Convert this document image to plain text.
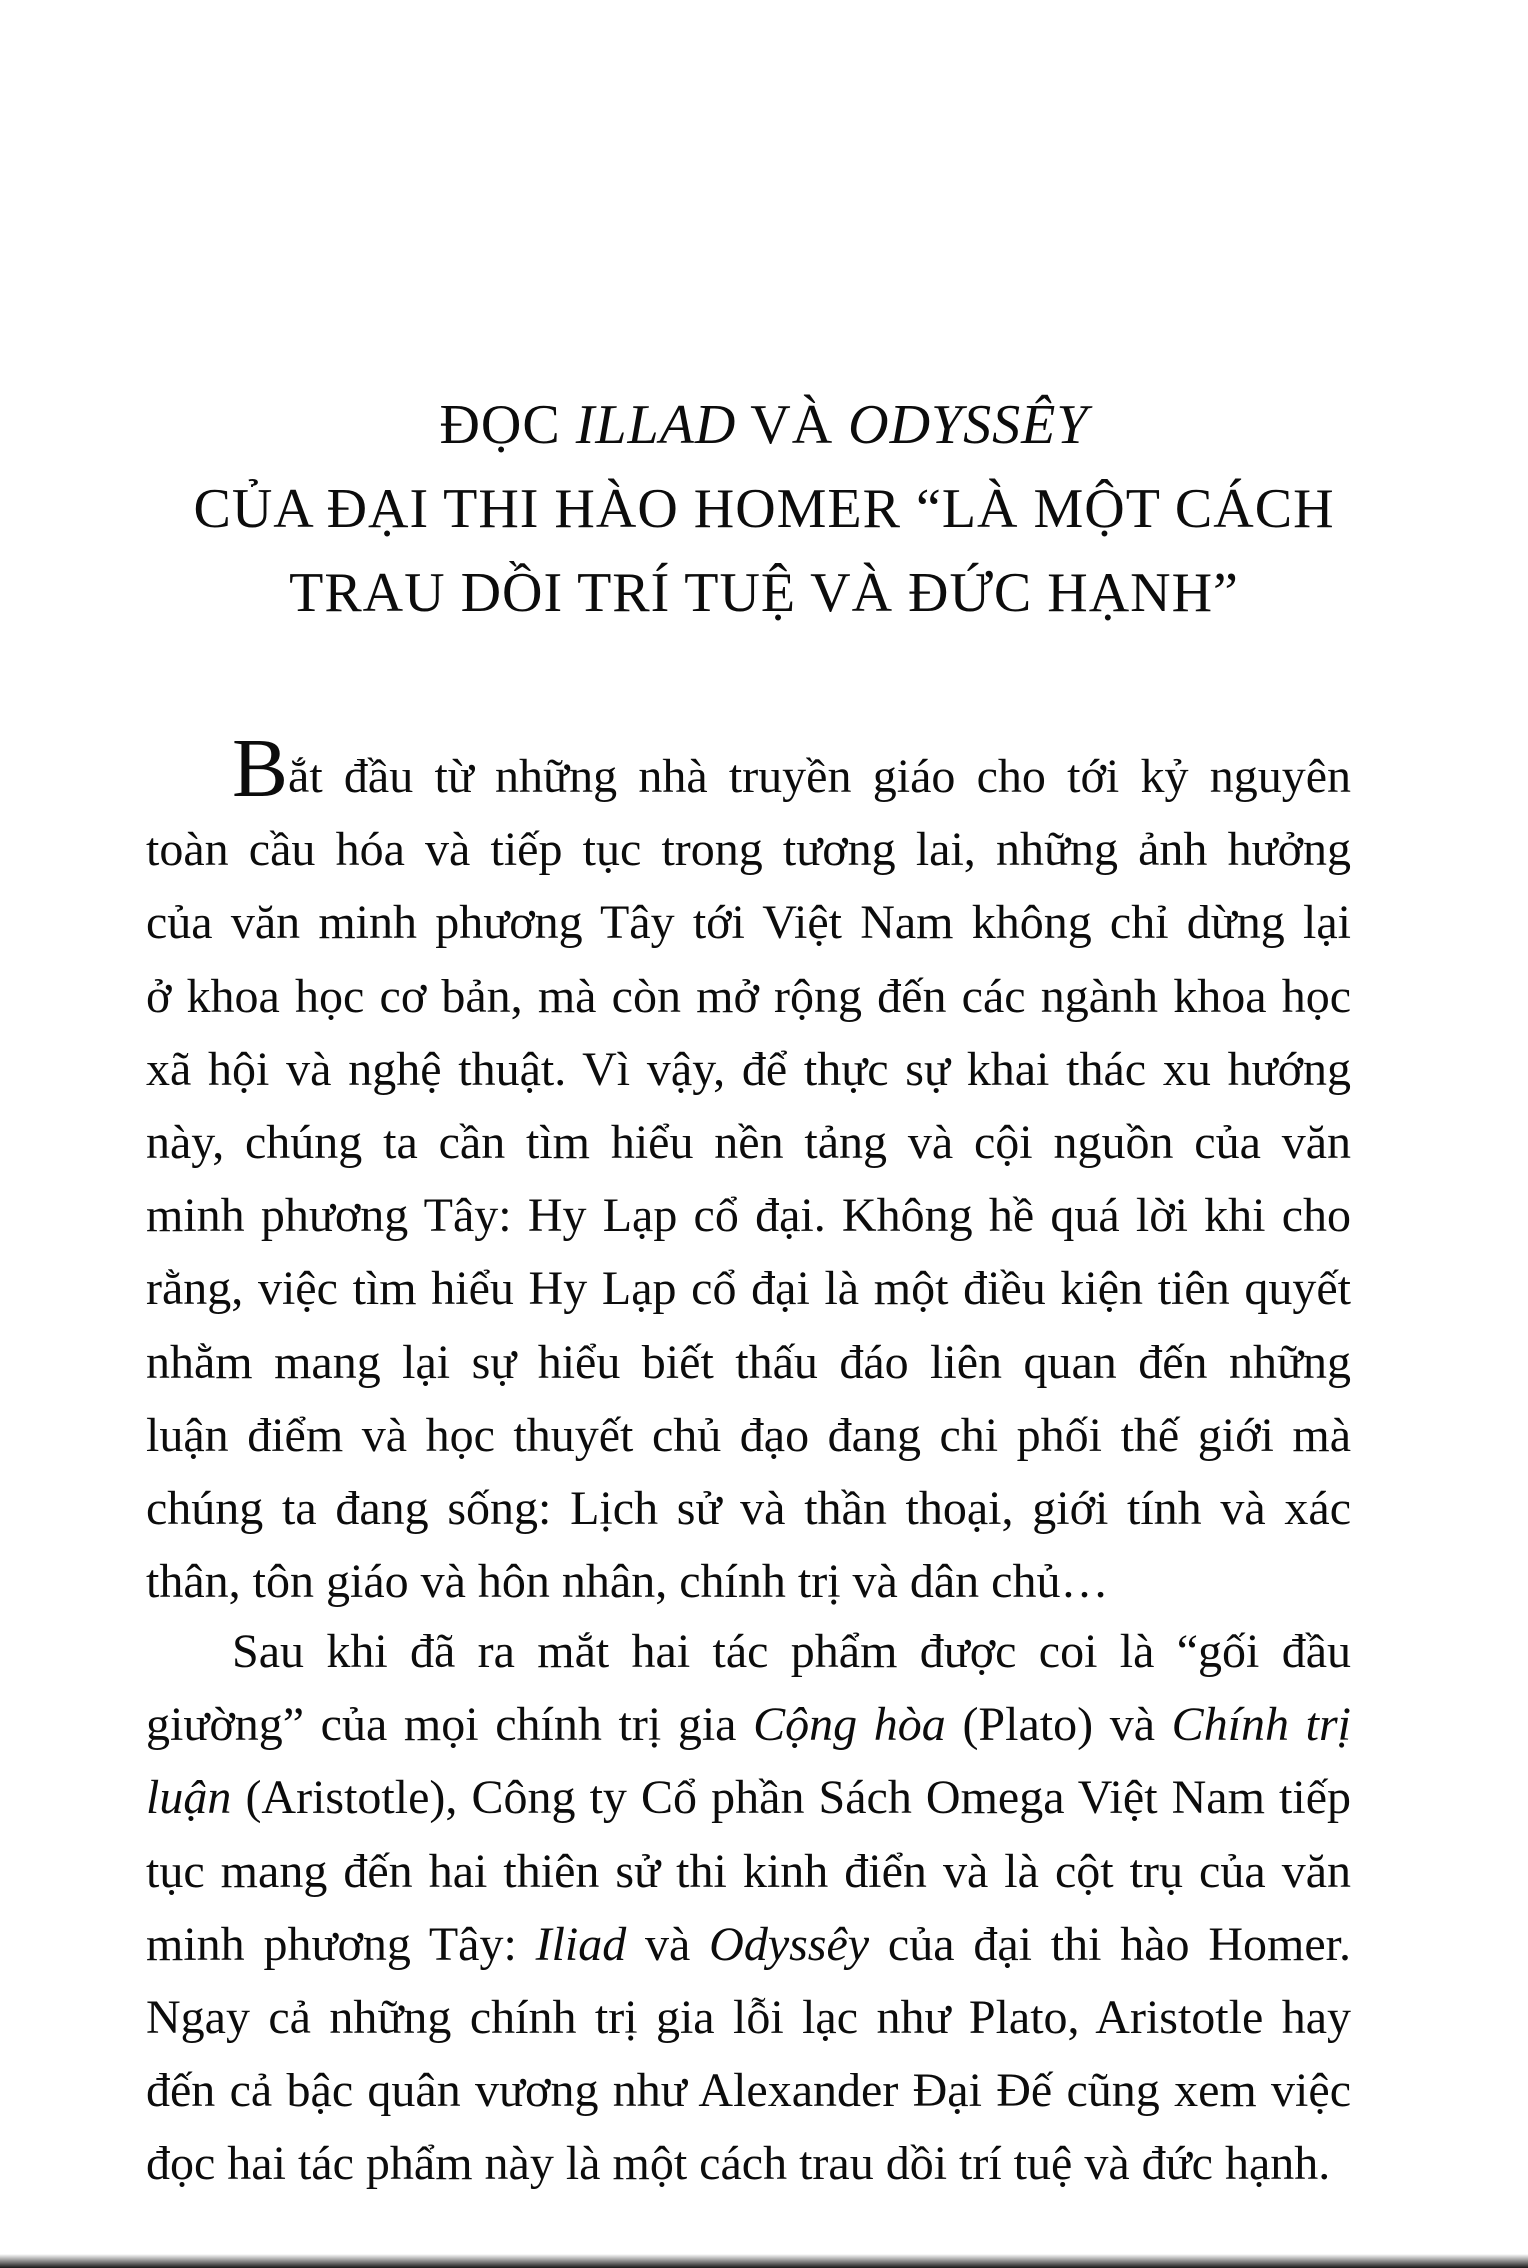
ĐỌC ILLAD VÀ ODYSSÊY
CỦA ĐẠI THI HÀO HOMER “LÀ MỘT CÁCH
TRAU DỒI TRÍ TUỆ VÀ ĐỨC HẠNH”

Bắt đầu từ những nhà truyền giáo cho tới kỷ nguyên
toàn cầu hóa và tiếp tục trong tương lai, những ảnh hưởng
của văn minh phương Tây tới Việt Nam không chỉ dừng lại
ở khoa học cơ bản, mà còn mở rộng đến các ngành khoa học
xã hội và nghệ thuật. Vì vậy, để thực sự khai thác xu hướng
này, chúng ta cần tìm hiểu nền tảng và cội nguồn của văn
minh phương Tây: Hy Lạp cổ đại. Không hề quá lời khi cho
rằng, việc tìm hiểu Hy Lạp cổ đại là một điều kiện tiên quyết
nhằm mang lại sự hiểu biết thấu đáo liên quan đến những
luận điểm và học thuyết chủ đạo đang chi phối thế giới mà
chúng ta đang sống: Lịch sử và thần thoại, giới tính và xác
thân, tôn giáo và hôn nhân, chính trị và dân chủ…

Sau khi đã ra mắt hai tác phẩm được coi là “gối đầu
giường” của mọi chính trị gia Cộng hòa (Plato) và Chính trị
luận (Aristotle), Công ty Cổ phần Sách Omega Việt Nam tiếp
tục mang đến hai thiên sử thi kinh điển và là cột trụ của văn
minh phương Tây: Iliad và Odyssêy của đại thi hào Homer.
Ngay cả những chính trị gia lỗi lạc như Plato, Aristotle hay
đến cả bậc quân vương như Alexander Đại Đế cũng xem việc
đọc hai tác phẩm này là một cách trau dồi trí tuệ và đức hạnh.
